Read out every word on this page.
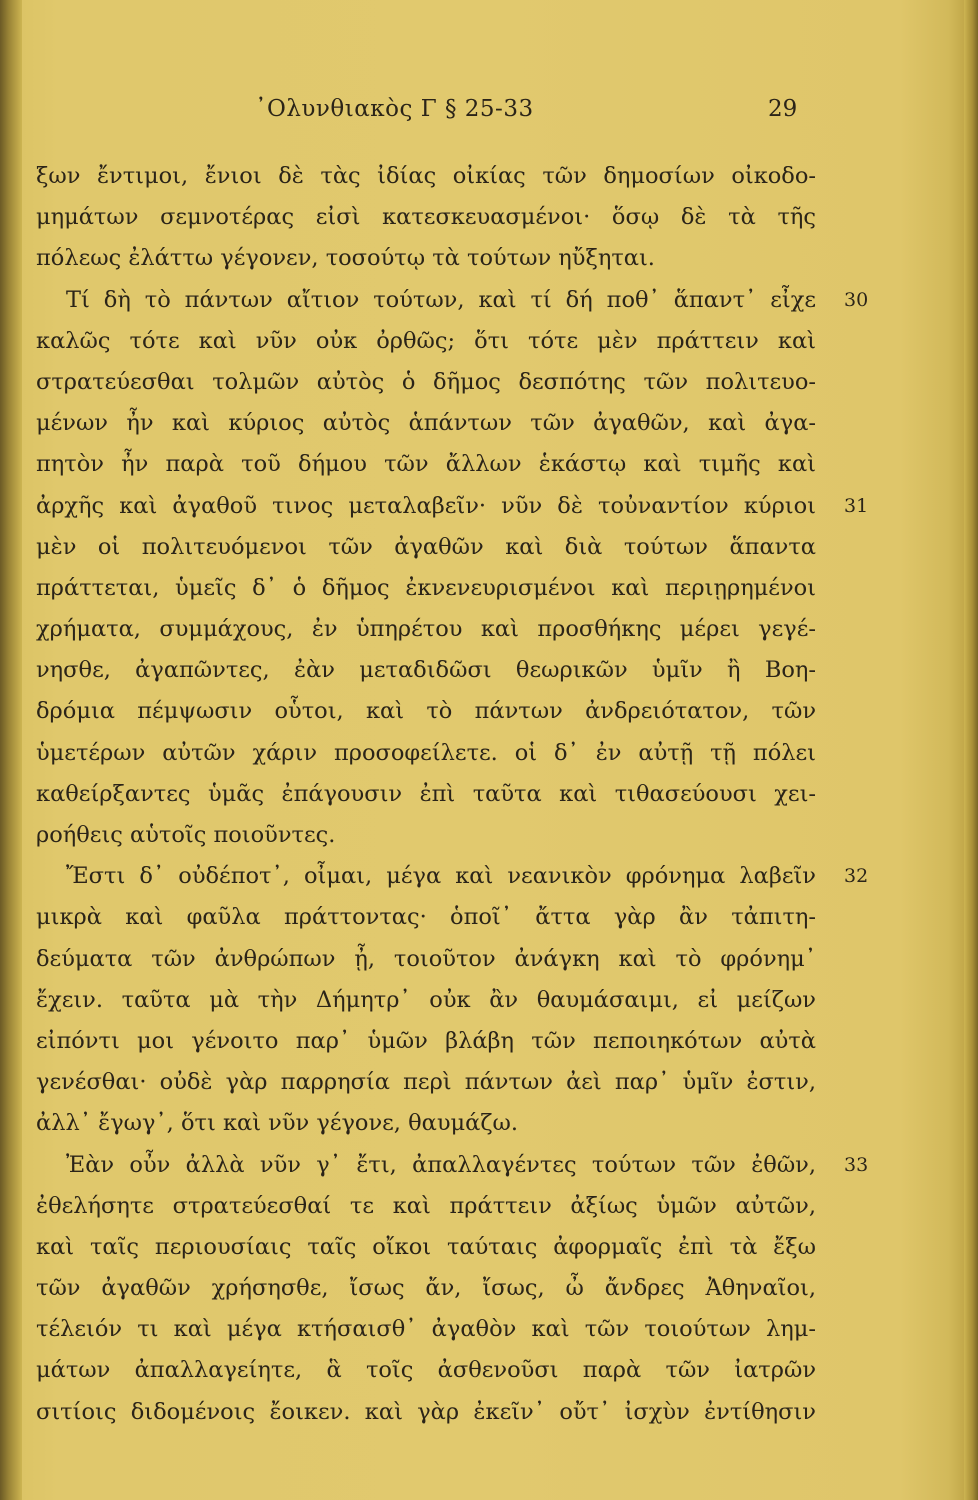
᾿Ολυνθιακὸς Γ § 25-33	29
ξων ἔντιμοι, ἔνιοι δὲ τὰς ἰδίας οἰκίας τῶν δημοσίων οἰκοδο-
μημάτων σεμνοτέρας εἰσὶ κατεσκευασμένοι· ὅσῳ δὲ τὰ τῆς
πόλεως ἐλάττω γέγονεν, τοσούτῳ τὰ τούτων ηὔξηται.
Τί δὴ τὸ πάντων αἴτιον τούτων, καὶ τί δή ποθ᾿ ἅπαντ᾿ εἶχε 30
καλῶς τότε καὶ νῦν οὐκ ὀρθῶς; ὅτι τότε μὲν πράττειν καὶ
στρατεύεσθαι τολμῶν αὐτὸς ὁ δῆμος δεσπότης τῶν πολιτευο-
μένων ἦν καὶ κύριος αὐτὸς ἁπάντων τῶν ἀγαθῶν, καὶ ἀγα-
πητὸν ἦν παρὰ τοῦ δήμου τῶν ἄλλων ἑκάστῳ καὶ τιμῆς καὶ
ἀρχῆς καὶ ἀγαθοῦ τινος μεταλαβεῖν· νῦν δὲ τοὐναντίον κύριοι 31
μὲν οἱ πολιτευόμενοι τῶν ἀγαθῶν καὶ διὰ τούτων ἅπαντα
πράττεται, ὑμεῖς δ᾿ ὁ δῆμος ἐκνενευρισμένοι καὶ περιῃρημένοι
χρήματα, συμμάχους, ἐν ὑπηρέτου καὶ προσθήκης μέρει γεγέ-
νησθε, ἀγαπῶντες, ἐὰν μεταδιδῶσι θεωρικῶν ὑμῖν ἢ Βοη-
δρόμια πέμψωσιν οὗτοι, καὶ τὸ πάντων ἀνδρειότατον, τῶν
ὑμετέρων αὐτῶν χάριν προσοφείλετε. οἱ δ᾿ ἐν αὐτῇ τῇ πόλει
καθείρξαντες ὑμᾶς ἐπάγουσιν ἐπὶ ταῦτα καὶ τιθασεύουσι χει-
ροήθεις αὑτοῖς ποιοῦντες.
Ἔστι δ᾿ οὐδέποτ᾿, οἶμαι, μέγα καὶ νεανικὸν φρόνημα λαβεῖν 32
μικρὰ καὶ φαῦλα πράττοντας· ὁποῖ᾿ ἄττα γὰρ ἂν τἀπιτη-
δεύματα τῶν ἀνθρώπων ᾖ, τοιοῦτον ἀνάγκη καὶ τὸ φρόνημ᾿
ἔχειν. ταῦτα μὰ τὴν Δήμητρ᾿ οὐκ ἂν θαυμάσαιμι, εἰ μείζων
εἰπόντι μοι γένοιτο παρ᾿ ὑμῶν βλάβη τῶν πεποιηκότων αὐτὰ
γενέσθαι· οὐδὲ γὰρ παρρησία περὶ πάντων ἀεὶ παρ᾿ ὑμῖν ἐστιν,
ἀλλ᾿ ἔγωγ᾿, ὅτι καὶ νῦν γέγονε, θαυμάζω.
Ἐὰν οὖν ἀλλὰ νῦν γ᾿ ἔτι, ἀπαλλαγέντες τούτων τῶν ἐθῶν, 33
ἐθελήσητε στρατεύεσθαί τε καὶ πράττειν ἀξίως ὑμῶν αὐτῶν,
καὶ ταῖς περιουσίαις ταῖς οἴκοι ταύταις ἀφορμαῖς ἐπὶ τὰ ἔξω
τῶν ἀγαθῶν χρήσησθε, ἴσως ἄν, ἴσως, ὦ ἄνδρες Ἀθηναῖοι,
τέλειόν τι καὶ μέγα κτήσαισθ᾿ ἀγαθὸν καὶ τῶν τοιούτων λημ-
μάτων ἀπαλλαγείητε, ἃ τοῖς ἀσθενοῦσι παρὰ τῶν ἰατρῶν
σιτίοις διδομένοις ἔοικεν. καὶ γὰρ ἐκεῖν᾿ οὔτ᾿ ἰσχὺν ἐντίθησιν
